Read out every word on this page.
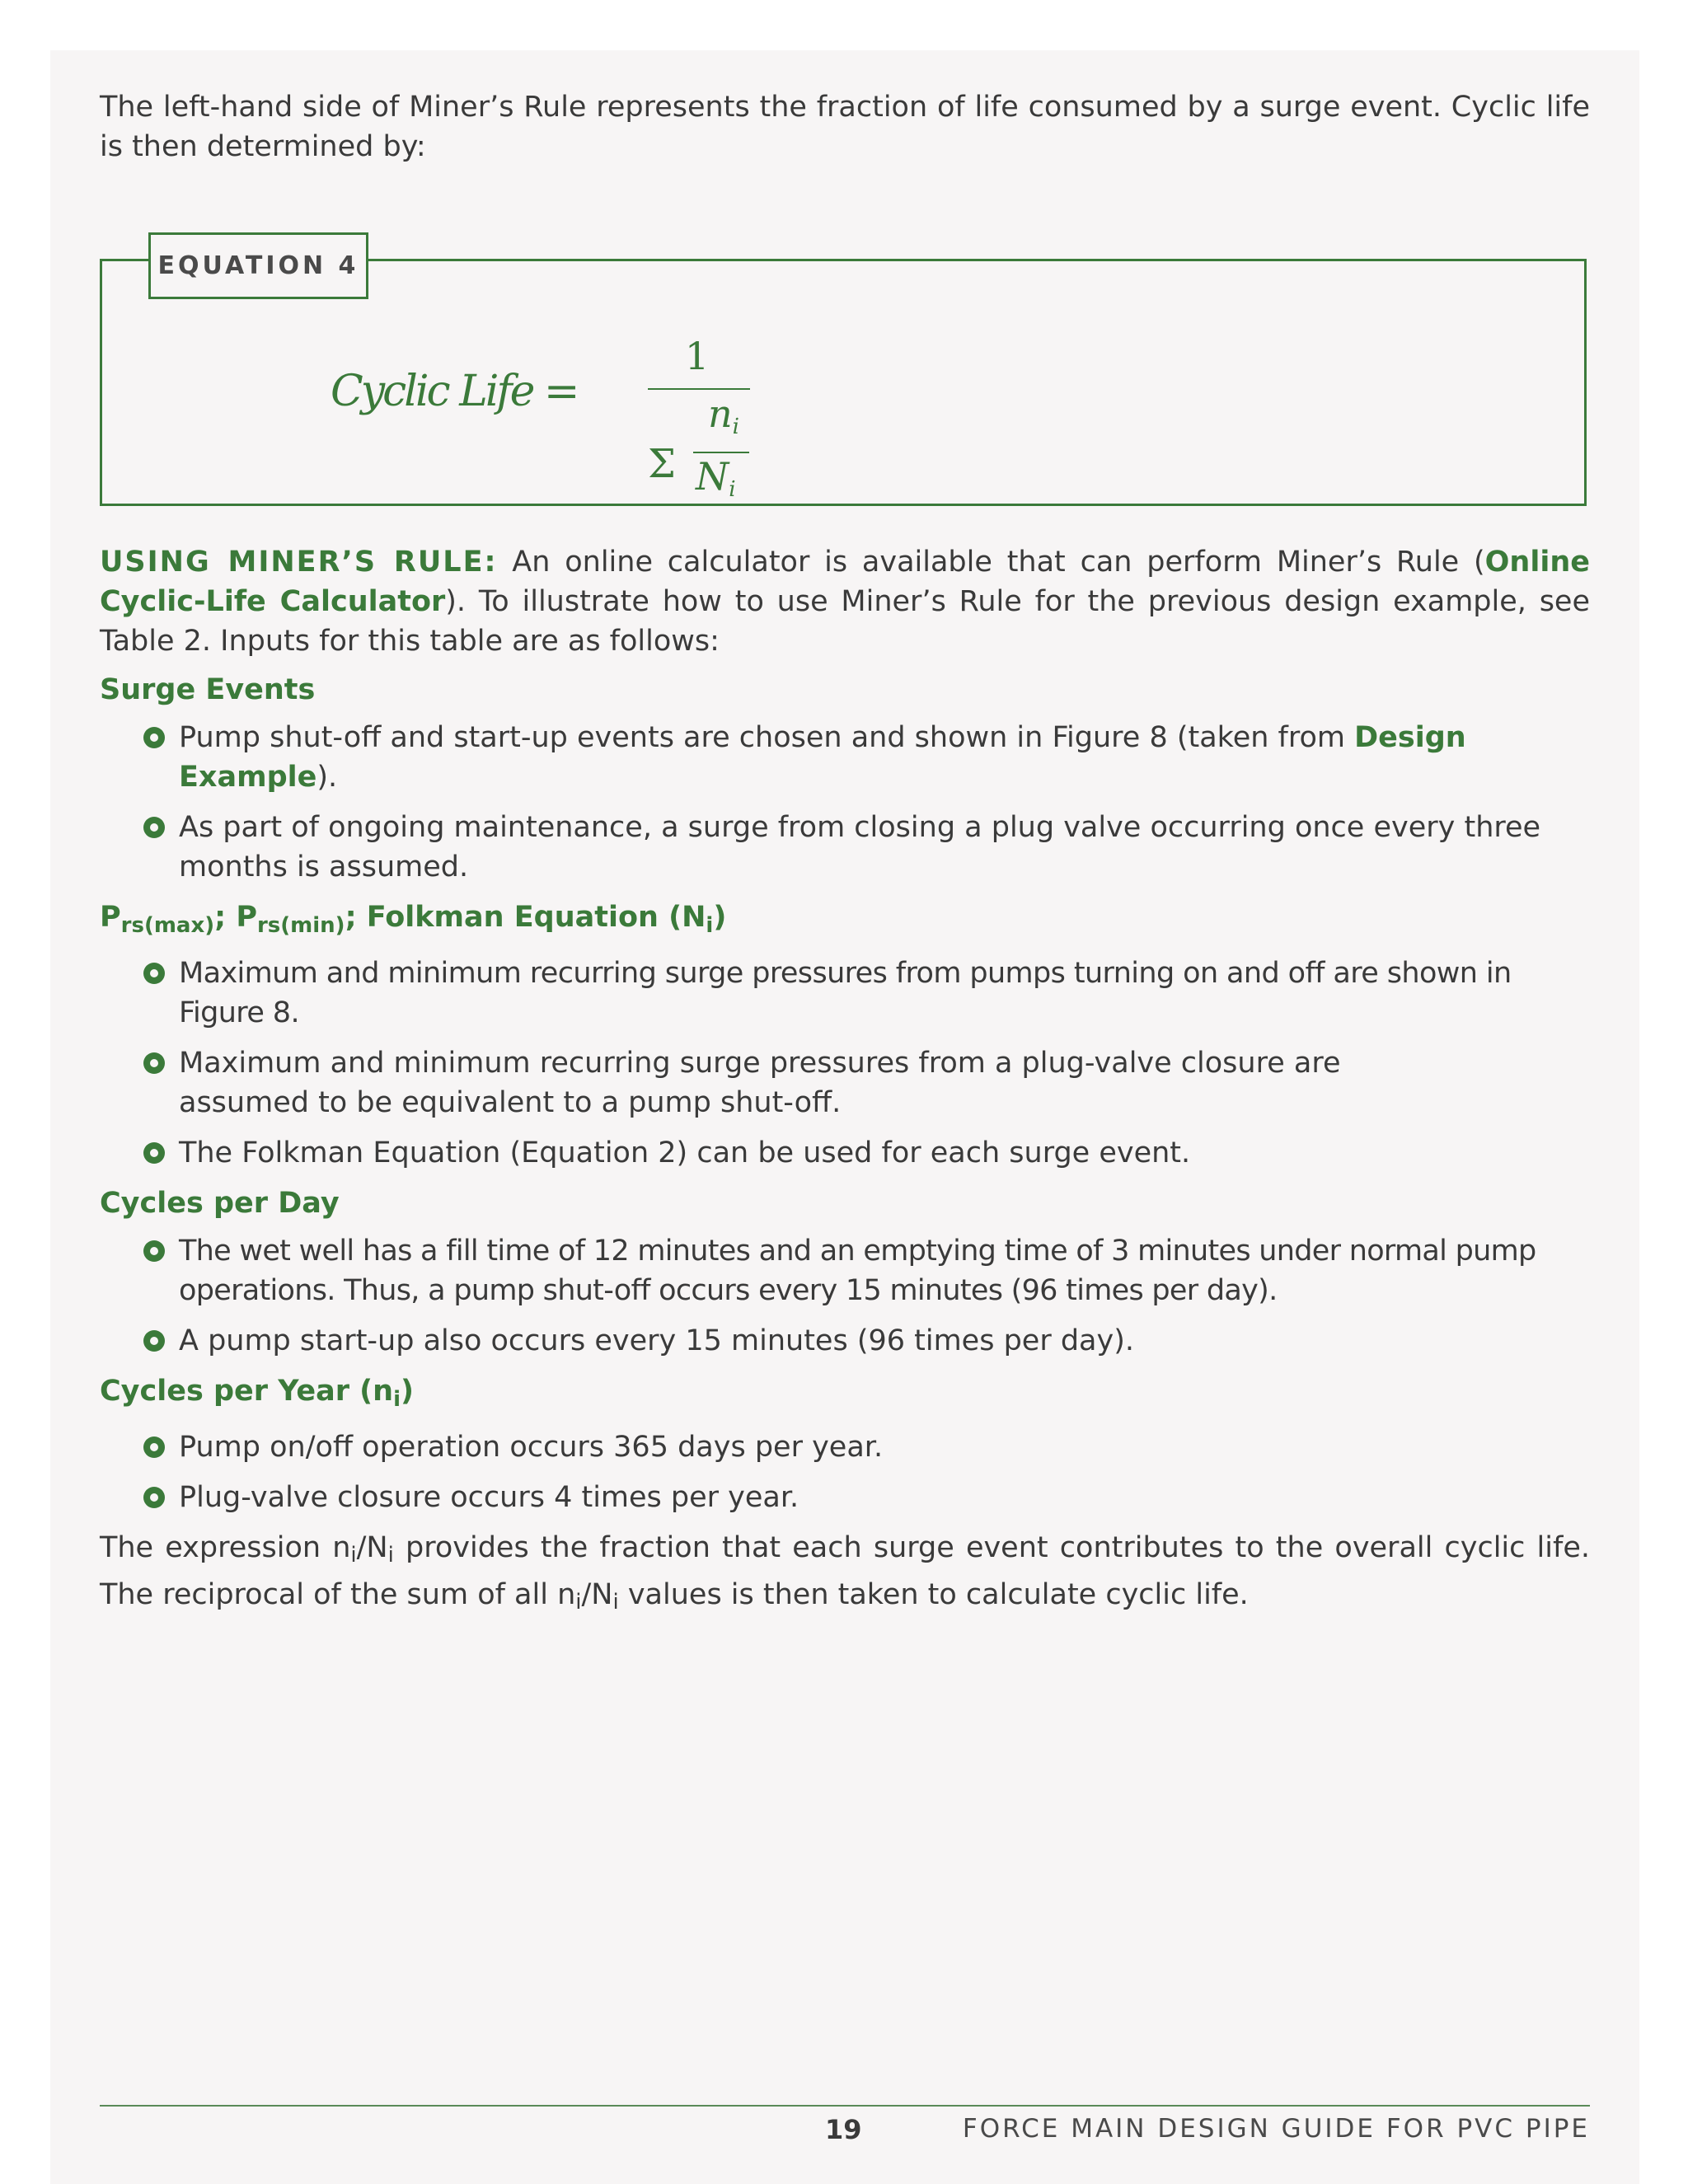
The left-hand side of Miner’s Rule represents the fraction of life consumed by a surge event. Cyclic life is then determined by:

Cyclic Life =
1
$n_i$
Σ $N_i$
EQUATION 4

USING MINER’S RULE: An online calculator is available that can perform Miner’s Rule (Online Cyclic-Life Calculator). To illustrate how to use Miner’s Rule for the previous design example, see Table 2. Inputs for this table are as follows:

Surge Events
Pump shut-off and start-up events are chosen and shown in Figure 8 (taken from Design Example).
As part of ongoing maintenance, a surge from closing a plug valve occurring once every three months is assumed.
$P_{rs(max)}$; $P_{rs(min)}$; Folkman Equation $(N_i)$
Maximum and minimum recurring surge pressures from pumps turning on and off are shown in Figure 8.
Maximum and minimum recurring surge pressures from a plug-valve closure are assumed to be equivalent to a pump shut-off.
The Folkman Equation (Equation 2) can be used for each surge event.
Cycles per Day
The wet well has a fill time of 12 minutes and an emptying time of 3 minutes under normal pump operations. Thus, a pump shut-off occurs every 15 minutes (96 times per day).
A pump start-up also occurs every 15 minutes (96 times per day).
Cycles per Year $(n_i)$
Pump on/off operation occurs 365 days per year.
Plug-valve closure occurs 4 times per year.

The expression ni/Ni provides the fraction that each surge event contributes to the overall cyclic life. The reciprocal of the sum of all ni/Ni values is then taken to calculate cyclic life.

19	FORCE MAIN DESIGN GUIDE FOR PVC PIPE
